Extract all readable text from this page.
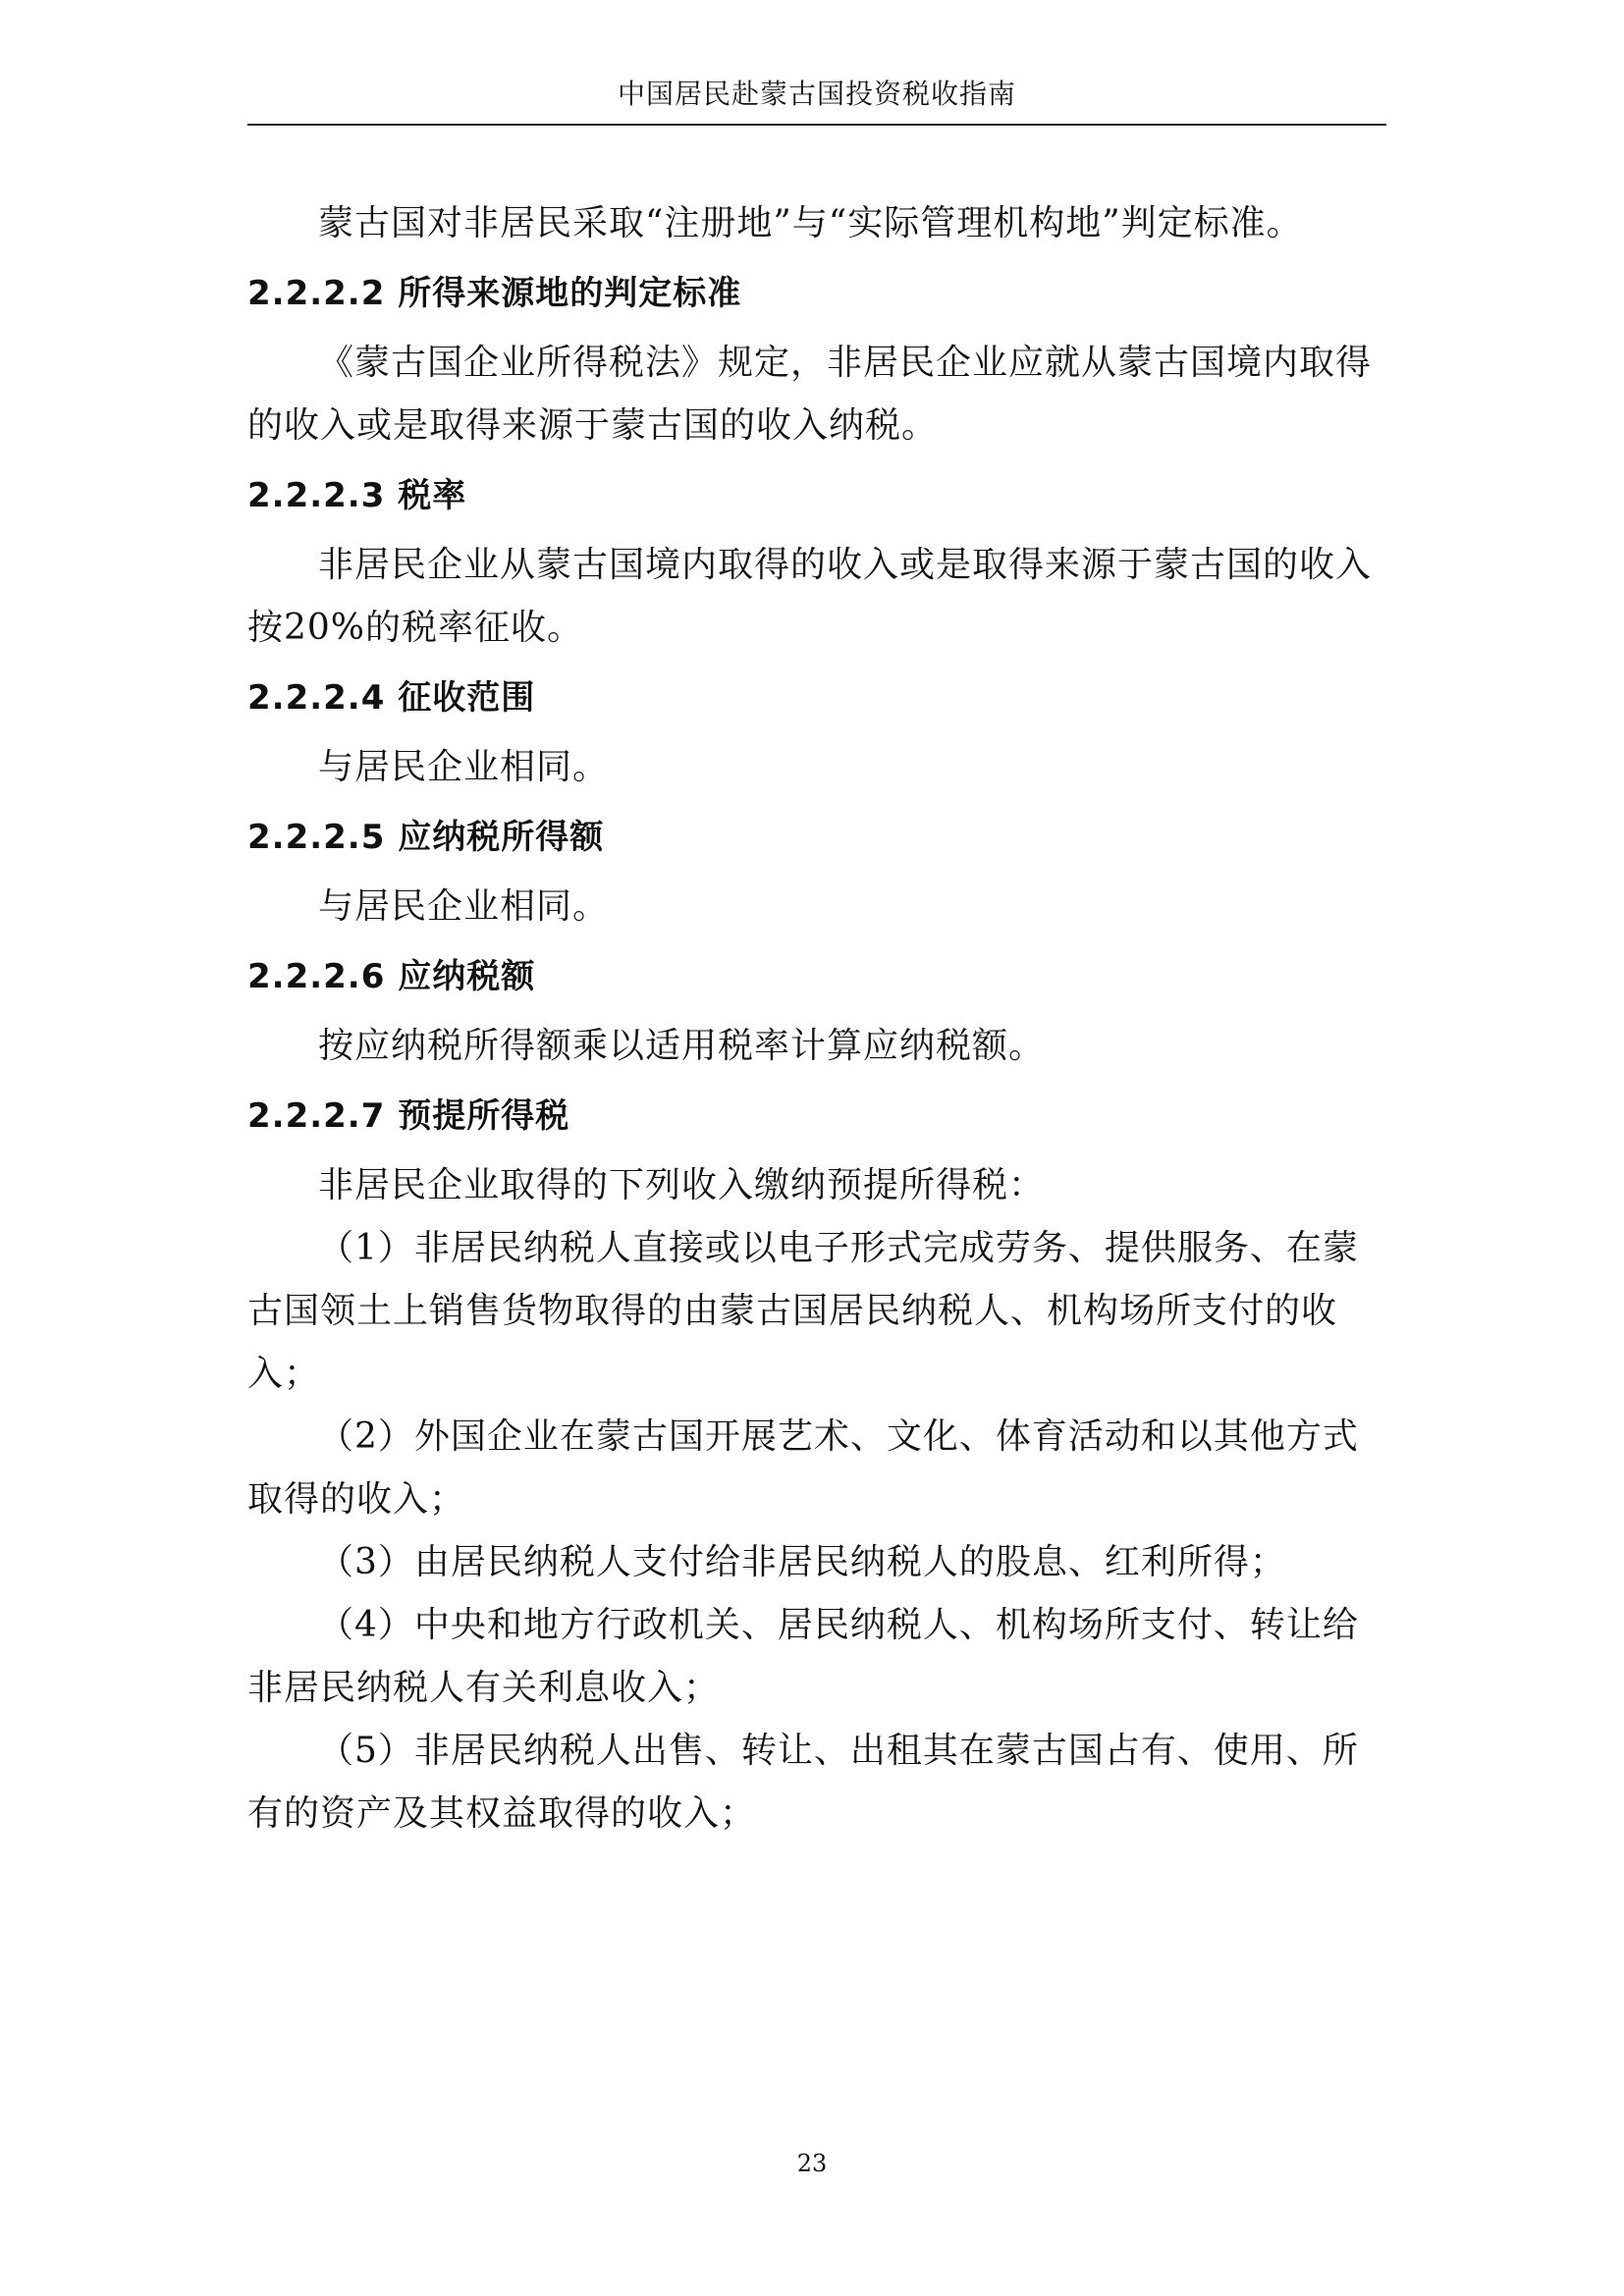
中国居民赴蒙古国投资税收指南

蒙古国对非居民采取“注册地”与“实际管理机构地”判定标准。

2.2.2.2 所得来源地的判定标准

《蒙古国企业所得税法》规定，非居民企业应就从蒙古国境内取得的收入或是取得来源于蒙古国的收入纳税。

2.2.2.3 税率

非居民企业从蒙古国境内取得的收入或是取得来源于蒙古国的收入按20%的税率征收。

2.2.2.4 征收范围

与居民企业相同。

2.2.2.5 应纳税所得额

与居民企业相同。

2.2.2.6 应纳税额

按应纳税所得额乘以适用税率计算应纳税额。

2.2.2.7 预提所得税

非居民企业取得的下列收入缴纳预提所得税：

（1）非居民纳税人直接或以电子形式完成劳务、提供服务、在蒙古国领土上销售货物取得的由蒙古国居民纳税人、机构场所支付的收入；

（2）外国企业在蒙古国开展艺术、文化、体育活动和以其他方式取得的收入；

（3）由居民纳税人支付给非居民纳税人的股息、红利所得；

（4）中央和地方行政机关、居民纳税人、机构场所支付、转让给非居民纳税人有关利息收入；

（5）非居民纳税人出售、转让、出租其在蒙古国占有、使用、所有的资产及其权益取得的收入；

23
